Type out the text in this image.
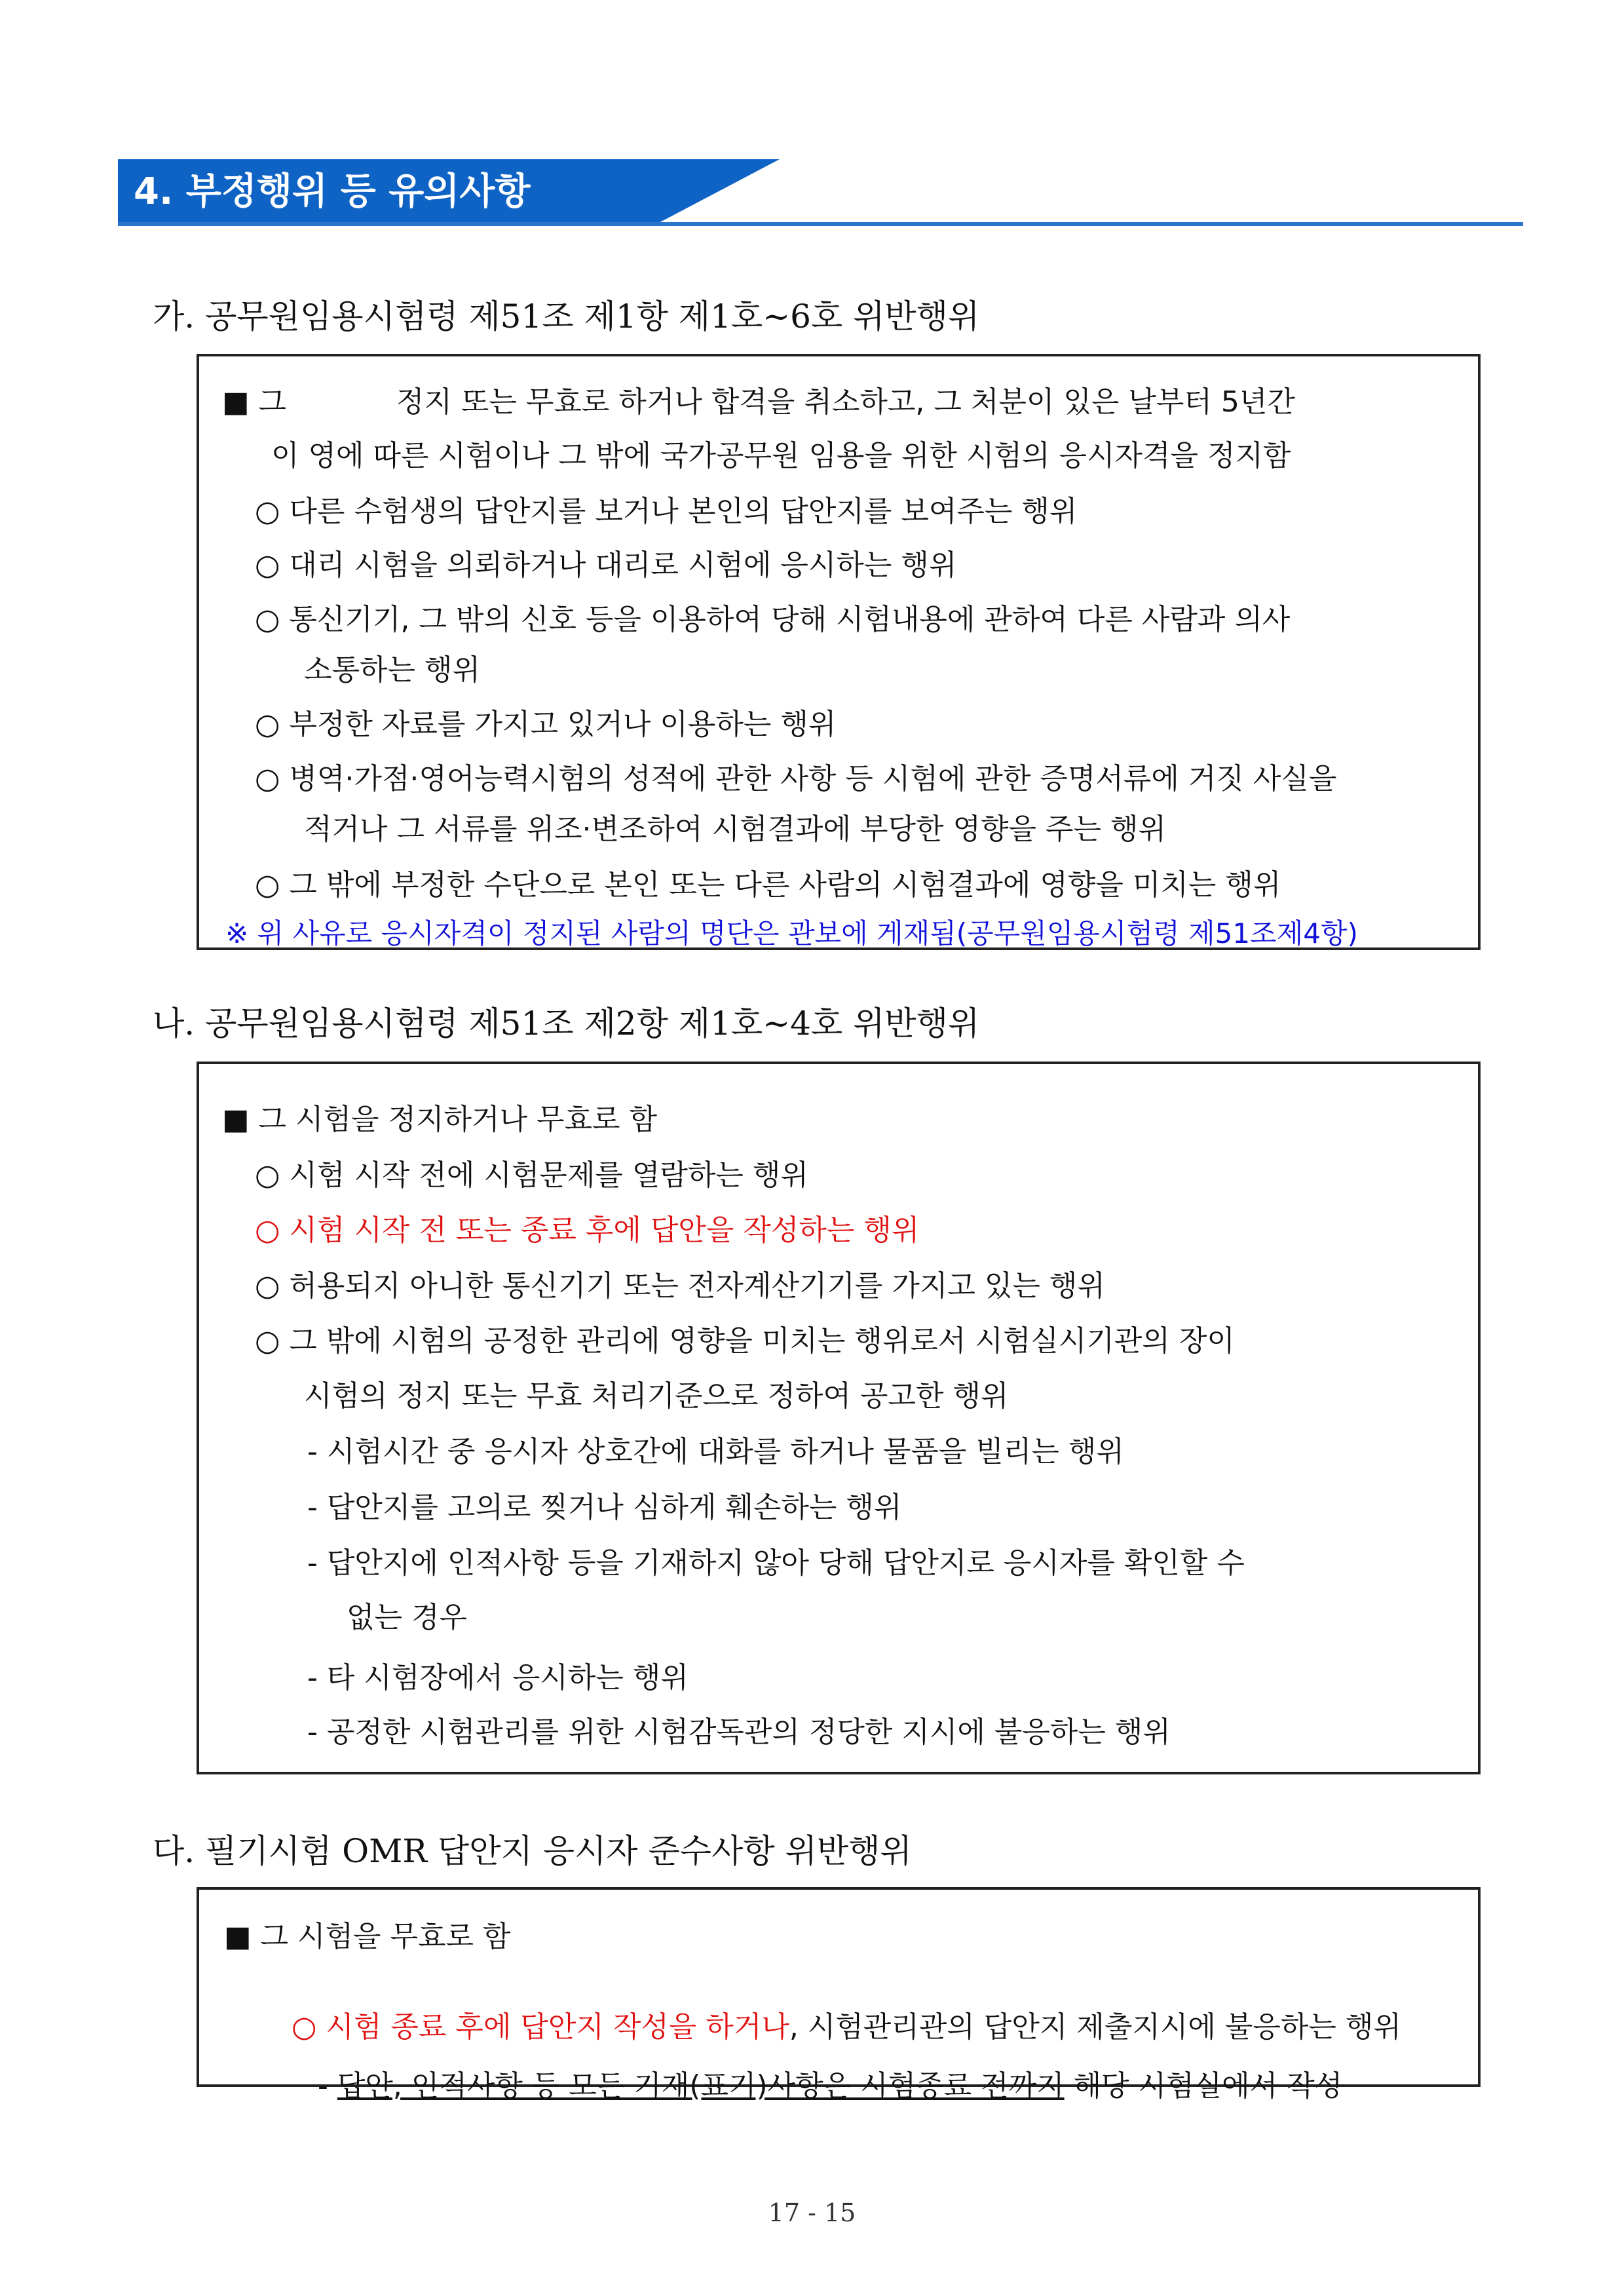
4. 부정행위 등 유의사항
가. 공무원임용시험령 제51조 제1항 제1호∼6호 위반행위
■ 그            정지 또는 무효로 하거나 합격을 취소하고, 그 처분이 있은 날부터 5년간
이 영에 따른 시험이나 그 밖에 국가공무원 임용을 위한 시험의 응시자격을 정지함
○ 다른 수험생의 답안지를 보거나 본인의 답안지를 보여주는 행위
○ 대리 시험을 의뢰하거나 대리로 시험에 응시하는 행위
○ 통신기기, 그 밖의 신호 등을 이용하여 당해 시험내용에 관하여 다른 사람과 의사
소통하는 행위
○ 부정한 자료를 가지고 있거나 이용하는 행위
○ 병역·가점·영어능력시험의 성적에 관한 사항 등 시험에 관한 증명서류에 거짓 사실을
적거나 그 서류를 위조·변조하여 시험결과에 부당한 영향을 주는 행위
○ 그 밖에 부정한 수단으로 본인 또는 다른 사람의 시험결과에 영향을 미치는 행위
※ 위 사유로 응시자격이 정지된 사람의 명단은 관보에 게재됨(공무원임용시험령 제51조제4항)
나. 공무원임용시험령 제51조 제2항 제1호~4호 위반행위
■ 그 시험을 정지하거나 무효로 함
○ 시험 시작 전에 시험문제를 열람하는 행위
○ 시험 시작 전 또는 종료 후에 답안을 작성하는 행위
○ 허용되지 아니한 통신기기 또는 전자계산기기를 가지고 있는 행위
○ 그 밖에 시험의 공정한 관리에 영향을 미치는 행위로서 시험실시기관의 장이
시험의 정지 또는 무효 처리기준으로 정하여 공고한 행위
- 시험시간 중 응시자 상호간에 대화를 하거나 물품을 빌리는 행위
- 답안지를 고의로 찢거나 심하게 훼손하는 행위
- 답안지에 인적사항 등을 기재하지 않아 당해 답안지로 응시자를 확인할 수
없는 경우
- 타 시험장에서 응시하는 행위
- 공정한 시험관리를 위한 시험감독관의 정당한 지시에 불응하는 행위
다. 필기시험 OMR 답안지 응시자 준수사항 위반행위
■ 그 시험을 무효로 함

○ 시험 종료 후에 답안지 작성을 하거나, 시험관리관의 답안지 제출지시에 불응하는 행위

- 답안, 인적사항 등 모든 기재(표기)사항은 시험종료 전까지 해당 시험실에서 작성

17 - 15
